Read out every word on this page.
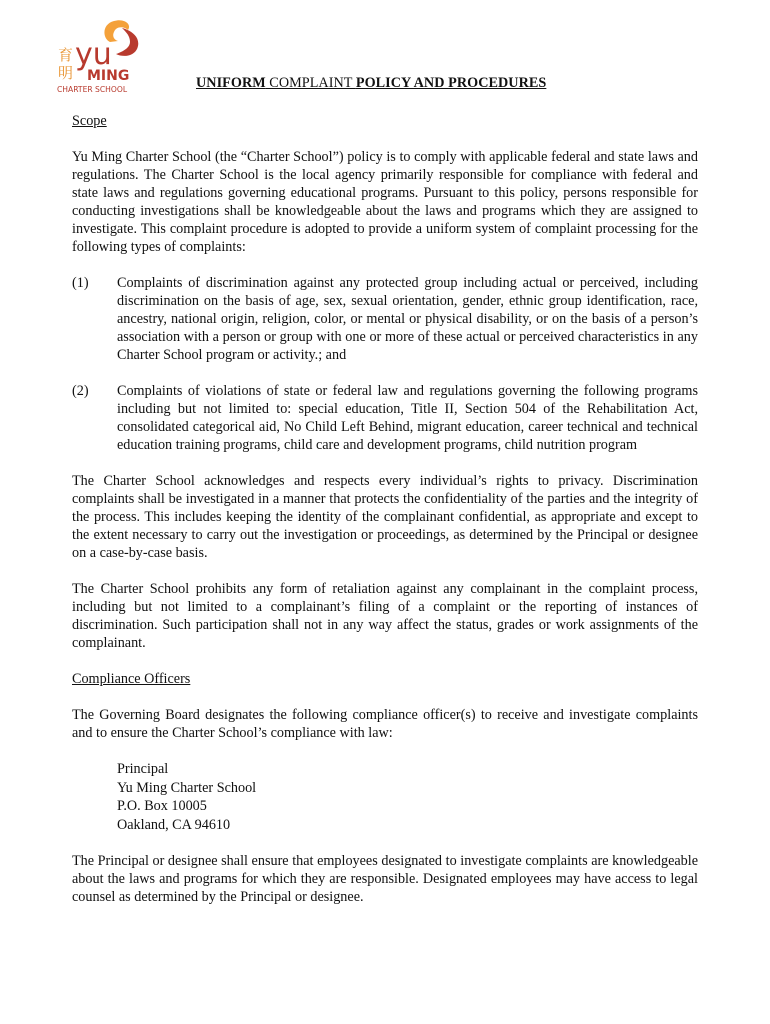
育
明
yu
MING
CHARTER SCHOOL	UNIFORM COMPLAINT POLICY AND PROCEDURES
Scope

Yu Ming Charter School (the “Charter School”) policy is to comply with applicable federal and state laws and regulations. The Charter School is the local agency primarily responsible for compliance with federal and state laws and regulations governing educational programs. Pursuant to this policy, persons responsible for conducting investigations shall be knowledgeable about the laws and programs which they are assigned to investigate. This complaint procedure is adopted to provide a uniform system of complaint processing for the following types of complaints:

(1)	Complaints of discrimination against any protected group including actual or perceived, including discrimination on the basis of age, sex, sexual orientation, gender, ethnic group identification, race, ancestry, national origin, religion, color, or mental or physical disability, or on the basis of a person’s association with a person or group with one or more of these actual or perceived characteristics in any Charter School program or activity.; and
(2)	Complaints of violations of state or federal law and regulations governing the following programs including but not limited to: special education, Title II, Section 504 of the Rehabilitation Act, consolidated categorical aid, No Child Left Behind, migrant education, career technical and technical education training programs, child care and development programs, child nutrition program

The Charter School acknowledges and respects every individual’s rights to privacy. Discrimination complaints shall be investigated in a manner that protects the confidentiality of the parties and the integrity of the process. This includes keeping the identity of the complainant confidential, as appropriate and except to the extent necessary to carry out the investigation or proceedings, as determined by the Principal or designee on a case-by-case basis.

The Charter School prohibits any form of retaliation against any complainant in the complaint process, including but not limited to a complainant’s filing of a complaint or the reporting of instances of discrimination. Such participation shall not in any way affect the status, grades or work assignments of the complainant.

Compliance Officers

The Governing Board designates the following compliance officer(s) to receive and investigate complaints and to ensure the Charter School’s compliance with law:

Principal
Yu Ming Charter School
P.O. Box 10005
Oakland, CA 94610

The Principal or designee shall ensure that employees designated to investigate complaints are knowledgeable about the laws and programs for which they are responsible. Designated employees may have access to legal counsel as determined by the Principal or designee.
